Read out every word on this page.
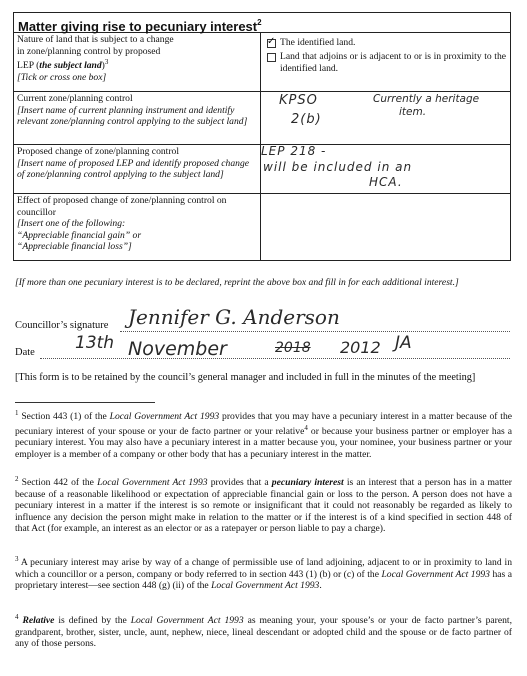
Matter giving rise to pecuniary interest$^2$
Nature of land that is subject to a change
in zone/planning control by proposed
LEP (the subject land)$^3$
[Tick or cross one box]
✓
The identified land.
Land that adjoins or is adjacent to or is in proximity to the identified land.
Current zone/planning control
[Insert name of current planning instrument and identify relevant zone/planning control applying to the subject land]
KPSO
2(b)
Currently a heritage
item.
Proposed change of zone/planning control
[Insert name of proposed LEP and identify proposed change of zone/planning control applying to the subject land]
LEP 218 -
will be included in an
HCA.
Effect of proposed change of zone/planning control on councillor
[Insert one of the following:
“Appreciable financial gain” or
“Appreciable financial loss”]
[If more than one pecuniary interest is to be declared, reprint the above box and fill in for each additional interest.]
Councillor’s signature Jennifer G. Anderson
Date 13th November	2018 2012 JA
[This form is to be retained by the council’s general manager and included in full in the minutes of the meeting]
$^1$ Section 443 (1) of the Local Government Act 1993 provides that you may have a pecuniary interest in a matter because of the pecuniary interest of your spouse or your de facto partner or your relative$^4$ or because your business partner or employer has a pecuniary interest. You may also have a pecuniary interest in a matter because you, your nominee, your business partner or your employer is a member of a company or other body that has a pecuniary interest in the matter.
$^2$ Section 442 of the Local Government Act 1993 provides that a pecuniary interest is an interest that a person has in a matter because of a reasonable likelihood or expectation of appreciable financial gain or loss to the person. A person does not have a pecuniary interest in a matter if the interest is so remote or insignificant that it could not reasonably be regarded as likely to influence any decision the person might make in relation to the matter or if the interest is of a kind specified in section 448 of that Act (for example, an interest as an elector or as a ratepayer or person liable to pay a charge).
$^3$ A pecuniary interest may arise by way of a change of permissible use of land adjoining, adjacent to or in proximity to land in which a councillor or a person, company or body referred to in section 443 (1) (b) or (c) of the Local Government Act 1993 has a proprietary interest—see section 448 (g) (ii) of the Local Government Act 1993.
$^4$ Relative is defined by the Local Government Act 1993 as meaning your, your spouse’s or your de facto partner’s parent, grandparent, brother, sister, uncle, aunt, nephew, niece, lineal descendant or adopted child and the spouse or de facto partner of any of those persons.
